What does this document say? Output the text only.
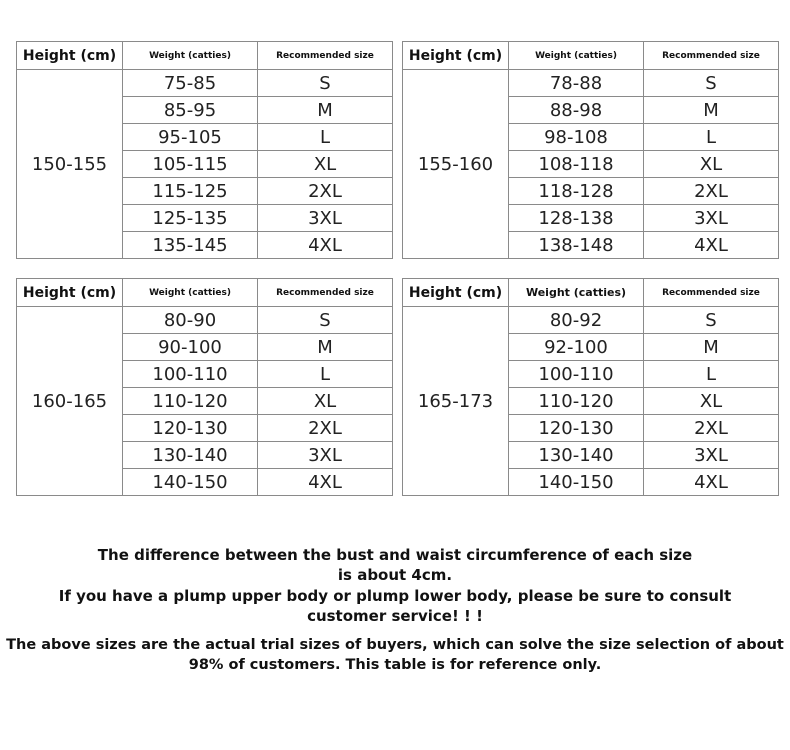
Height (cm)	Weight (catties)	Recommended size
150-155	75-85	S
	85-95	M
	95-105	L
	105-115	XL
	115-125	2XL
	125-135	3XL
	135-145	4XL
Height (cm)	Weight (catties)	Recommended size
155-160	78-88	S
	88-98	M
	98-108	L
	108-118	XL
	118-128	2XL
	128-138	3XL
	138-148	4XL
Height (cm)	Weight (catties)	Recommended size
160-165	80-90	S
	90-100	M
	100-110	L
	110-120	XL
	120-130	2XL
	130-140	3XL
	140-150	4XL
Height (cm)	Weight (catties)	Recommended size
165-173	80-92	S
	92-100	M
	100-110	L
	110-120	XL
	120-130	2XL
	130-140	3XL
	140-150	4XL
The difference between the bust and waist circumference of each size
is about 4cm.
If you have a plump upper body or plump lower body, please be sure to consult
customer service! ! !
The above sizes are the actual trial sizes of buyers, which can solve the size selection of about
98% of customers. This table is for reference only.
